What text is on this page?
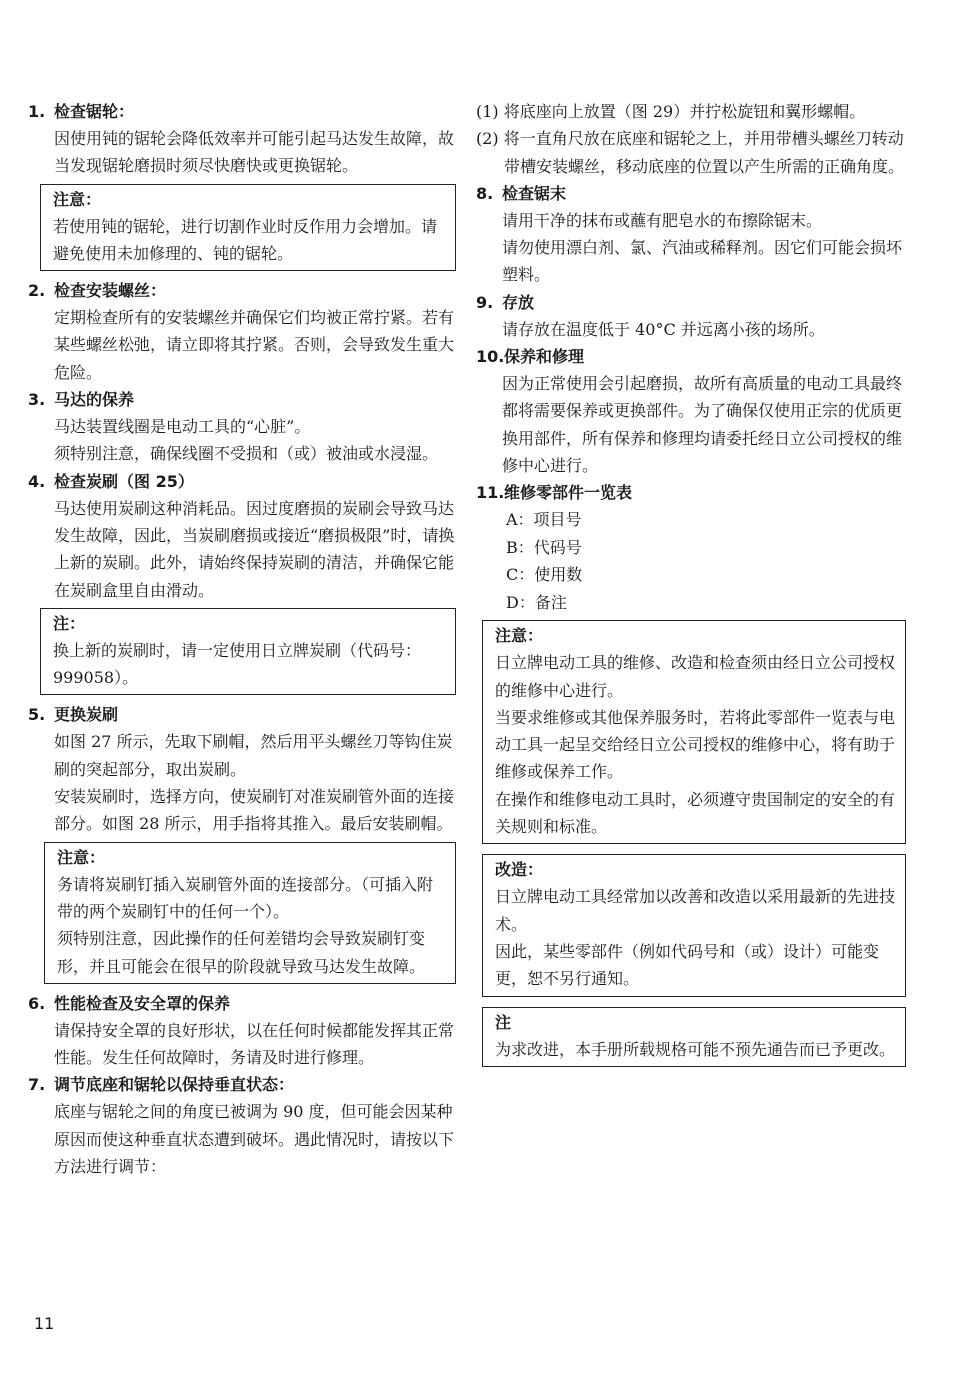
1. 检查锯轮：

因使用钝的锯轮会降低效率并可能引起马达发生故障，故当发现锯轮磨损时须尽快磨快或更换锯轮。

注意：
若使用钝的锯轮，进行切割作业时反作用力会增加。请避免使用未加修理的、钝的锯轮。

2. 检查安装螺丝：

定期检查所有的安装螺丝并确保它们均被正常拧紧。若有某些螺丝松弛，请立即将其拧紧。否则，会导致发生重大危险。

3. 马达的保养

马达装置线圈是电动工具的“心脏”。

须特别注意，确保线圈不受损和（或）被油或水浸湿。

4. 检查炭刷（图 25）

马达使用炭刷这种消耗品。因过度磨损的炭刷会导致马达发生故障，因此，当炭刷磨损或接近“磨损极限”时，请换上新的炭刷。此外，请始终保持炭刷的清洁，并确保它能在炭刷盒里自由滑动。

注：
换上新的炭刷时，请一定使用日立牌炭刷（代码号：999058）。

5. 更换炭刷

如图 27 所示，先取下刷帽，然后用平头螺丝刀等钩住炭刷的突起部分，取出炭刷。

安装炭刷时，选择方向，使炭刷钉对准炭刷管外面的连接部分。如图 28 所示，用手指将其推入。最后安装刷帽。

注意：
务请将炭刷钉插入炭刷管外面的连接部分。（可插入附带的两个炭刷钉中的任何一个）。
须特别注意，因此操作的任何差错均会导致炭刷钉变形，并且可能会在很早的阶段就导致马达发生故障。

6. 性能检查及安全罩的保养

请保持安全罩的良好形状，以在任何时候都能发挥其正常性能。发生任何故障时，务请及时进行修理。

7. 调节底座和锯轮以保持垂直状态：

底座与锯轮之间的角度已被调为 90 度，但可能会因某种原因而使这种垂直状态遭到破坏。遇此情况时，请按以下方法进行调节：

(1) 将底座向上放置（图 29）并拧松旋钮和翼形螺帽。

(2) 将一直角尺放在底座和锯轮之上，并用带槽头螺丝刀转动带槽安装螺丝，移动底座的位置以产生所需的正确角度。

8. 检查锯末

请用干净的抹布或蘸有肥皂水的布擦除锯末。

请勿使用漂白剂、氯、汽油或稀释剂。因它们可能会损坏塑料。

9. 存放

请存放在温度低于 40°C 并远离小孩的场所。

10.保养和修理

因为正常使用会引起磨损，故所有高质量的电动工具最终都将需要保养或更换部件。为了确保仅使用正宗的优质更换用部件，所有保养和修理均请委托经日立公司授权的维修中心进行。

11.维修零部件一览表

A：项目号

B：代码号

C：使用数

D：备注

注意：
日立牌电动工具的维修、改造和检查须由经日立公司授权的维修中心进行。
当要求维修或其他保养服务时，若将此零部件一览表与电动工具一起呈交给经日立公司授权的维修中心，将有助于维修或保养工作。
在操作和维修电动工具时，必须遵守贵国制定的安全的有关规则和标准。
改造：
日立牌电动工具经常加以改善和改造以采用最新的先进技术。
因此，某些零部件（例如代码号和（或）设计）可能变更，恕不另行通知。
注
为求改进，本手册所载规格可能不预先通告而已予更改。
11
